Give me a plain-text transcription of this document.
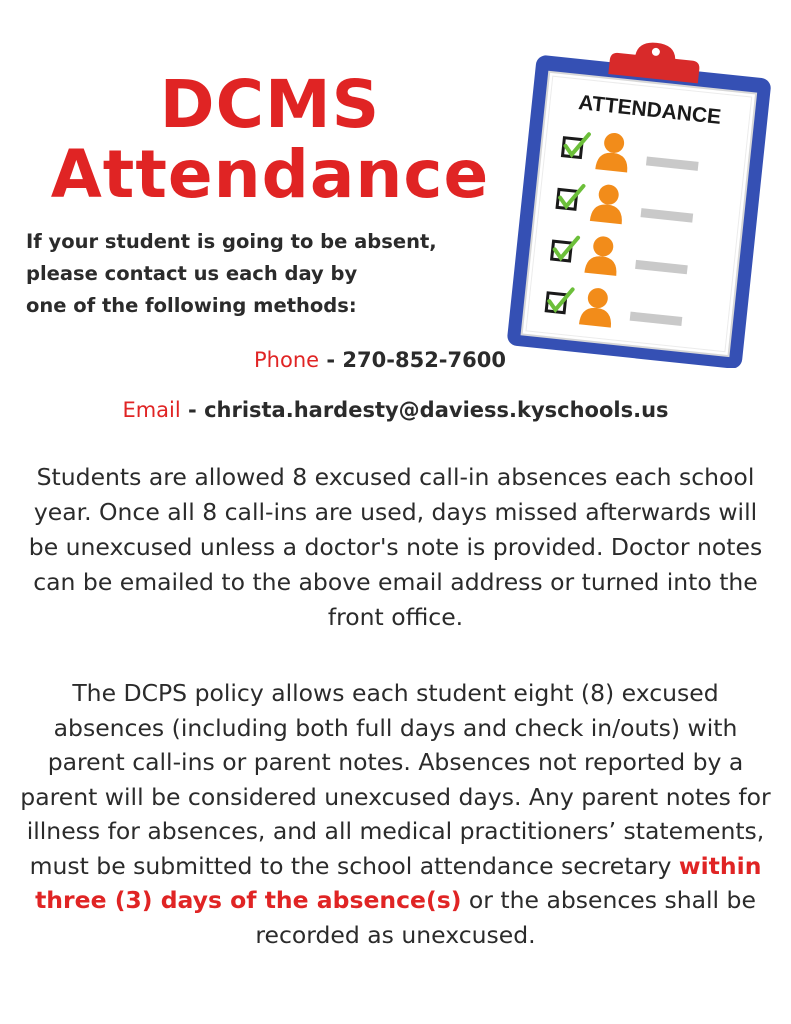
DCMS
Attendance
If your student is going to be absent,
please contact us each day by
one of the following methods:
Phone - 270-852-7600
Email - christa.hardesty@daviess.kyschools.us
Students are allowed 8 excused call-in absences each school year. Once all 8 call-ins are used, days missed afterwards will be unexcused unless a doctor's note is provided. Doctor notes can be emailed to the above email address or turned into the front office.
The DCPS policy allows each student eight (8) excused absences (including both full days and check in/outs) with parent call-ins or parent notes. Absences not reported by a parent will be considered unexcused days. Any parent notes for illness for absences, and all medical practitioners’ statements, must be submitted to the school attendance secretary within three (3) days of the absence(s) or the absences shall be recorded as unexcused.
ATTENDANCE
